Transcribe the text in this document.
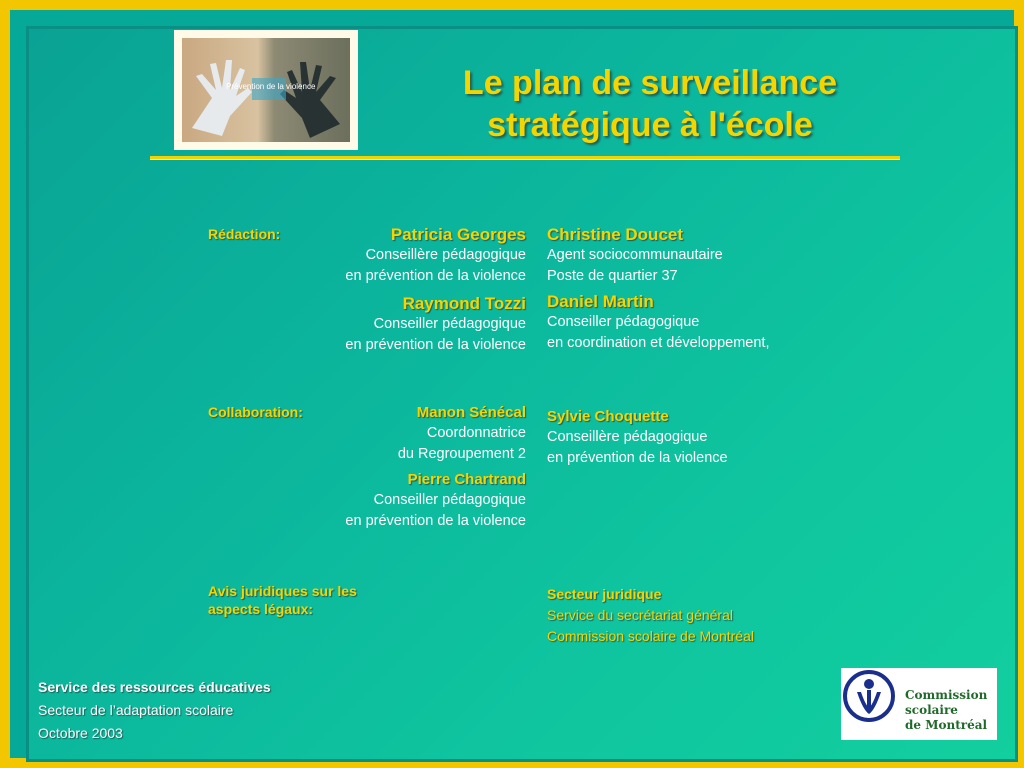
Prévention de la violence	Le plan de surveillance
stratégique à l'école
Rédaction:	Patricia Georges
Conseillère pédagogique
en prévention de la violence
Raymond Tozzi
Conseiller pédagogique
en prévention de la violence
Christine Doucet
Agent sociocommunautaire
Poste de quartier 37
Daniel Martin
Conseiller pédagogique
en coordination et développement,
Collaboration:	Manon Sénécal
Coordonnatrice
du Regroupement 2
Pierre Chartrand
Conseiller pédagogique
en prévention de la violence
Sylvie Choquette
Conseillère pédagogique
en prévention de la violence
Avis juridiques sur les
aspects légaux:
Secteur juridique
Service du secrétariat général
Commission scolaire de Montréal
Service des ressources éducatives
Secteur de l’adaptation scolaire
Octobre 2003
Commission
scolaire
de Montréal
